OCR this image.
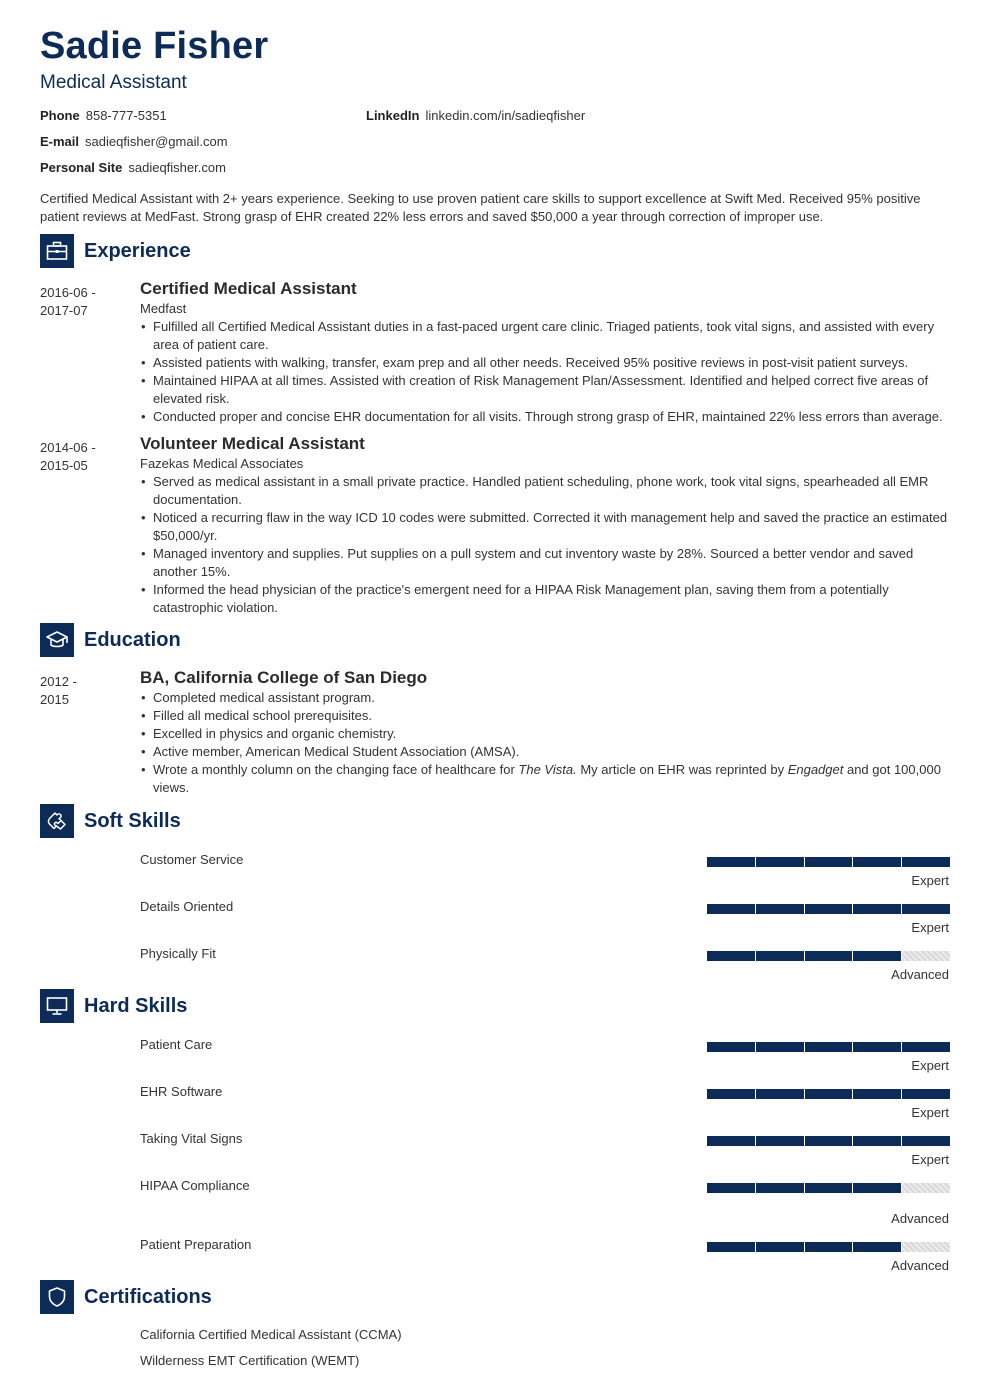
Sadie Fisher
Medical Assistant
Phone 858-777-5351	LinkedIn linkedin.com/in/sadieqfisher
E-mail sadieqfisher@gmail.com
Personal Site sadieqfisher.com
Certified Medical Assistant with 2+ years experience. Seeking to use proven patient care skills to support excellence at Swift Med. Received 95% positive patient reviews at MedFast. Strong grasp of EHR created 22% less errors and saved $50,000 a year through correction of improper use.
Experience
2016-06 -
2017-07
Certified Medical Assistant
Medfast
• Fulfilled all Certified Medical Assistant duties in a fast-paced urgent care clinic. Triaged patients, took vital signs, and assisted with every area of patient care.
• Assisted patients with walking, transfer, exam prep and all other needs. Received 95% positive reviews in post-visit patient surveys.
• Maintained HIPAA at all times. Assisted with creation of Risk Management Plan/Assessment. Identified and helped correct five areas of elevated risk.
• Conducted proper and concise EHR documentation for all visits. Through strong grasp of EHR, maintained 22% less errors than average.
2014-06 -
2015-05
Volunteer Medical Assistant
Fazekas Medical Associates
• Served as medical assistant in a small private practice. Handled patient scheduling, phone work, took vital signs, spearheaded all EMR documentation.
• Noticed a recurring flaw in the way ICD 10 codes were submitted. Corrected it with management help and saved the practice an estimated $50,000/yr.
• Managed inventory and supplies. Put supplies on a pull system and cut inventory waste by 28%. Sourced a better vendor and saved another 15%.
• Informed the head physician of the practice's emergent need for a HIPAA Risk Management plan, saving them from a potentially catastrophic violation.
Education
2012 -
2015
BA, California College of San Diego
• Completed medical assistant program.
• Filled all medical school prerequisites.
• Excelled in physics and organic chemistry.
• Active member, American Medical Student Association (AMSA).
• Wrote a monthly column on the changing face of healthcare for The Vista. My article on EHR was reprinted by Engadget and got 100,000 views.
Soft Skills
Customer Service
Expert
Details Oriented
Expert
Physically Fit
Advanced
Hard Skills
Patient Care
Expert
EHR Software
Expert
Taking Vital Signs
Expert
HIPAA Compliance
Advanced
Patient Preparation
Advanced
Certifications
California Certified Medical Assistant (CCMA)
Wilderness EMT Certification (WEMT)
